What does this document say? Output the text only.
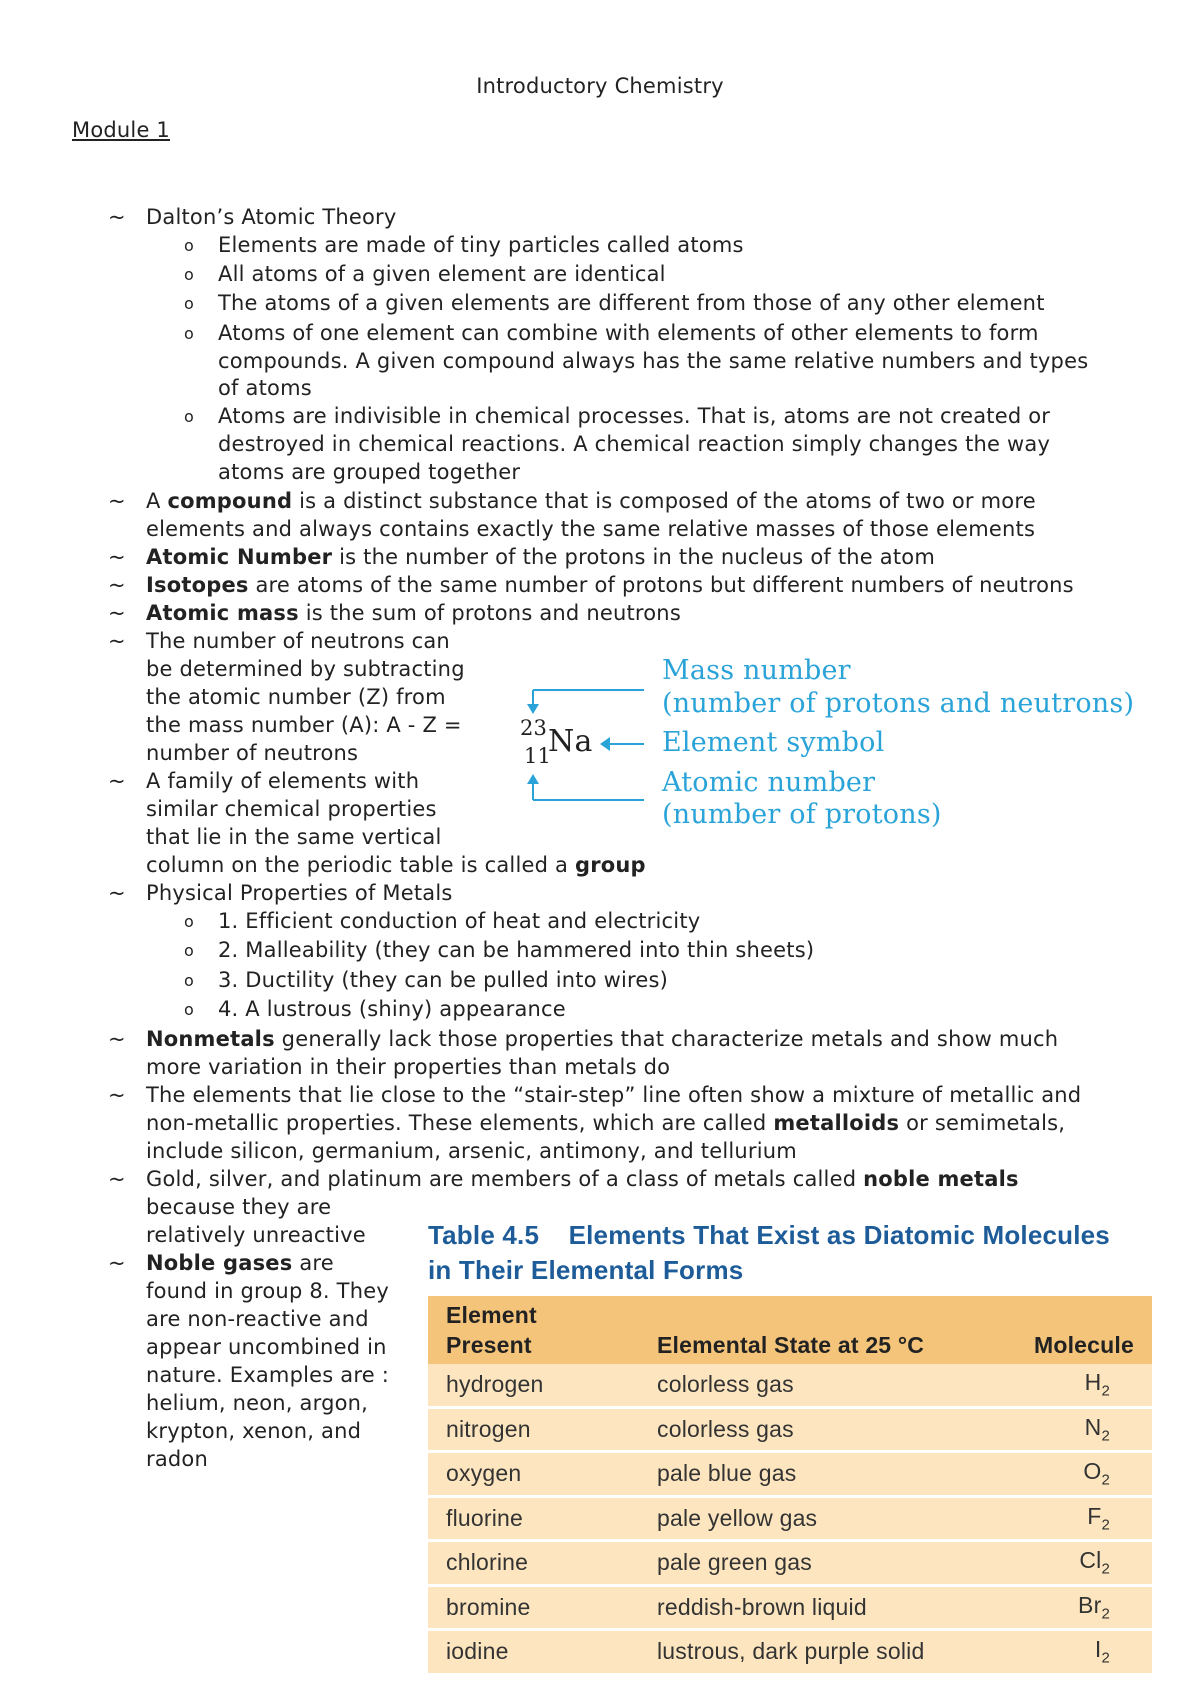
Introductory Chemistry
Module 1
~ Dalton’s Atomic Theory
o Elements are made of tiny particles called atoms
o All atoms of a given element are identical
o The atoms of a given elements are different from those of any other element
o Atoms of one element can combine with elements of other elements to form
compounds. A given compound always has the same relative numbers and types
of atoms
o Atoms are indivisible in chemical processes. That is, atoms are not created or
destroyed in chemical reactions. A chemical reaction simply changes the way
atoms are grouped together
~ A compound is a distinct substance that is composed of the atoms of two or more
elements and always contains exactly the same relative masses of those elements
~ Atomic Number is the number of the protons in the nucleus of the atom
~ Isotopes are atoms of the same number of protons but different numbers of neutrons
~ Atomic mass is the sum of protons and neutrons
~ The number of neutrons can
be determined by subtracting
the atomic number (Z) from
the mass number (A): A - Z =
number of neutrons
~ A family of elements with
similar chemical properties
that lie in the same vertical
column on the periodic table is called a group
23
11
Na
Mass number
(number of protons and neutrons)
Element symbol
Atomic number
(number of protons)
~ Physical Properties of Metals
o 1. Efficient conduction of heat and electricity
o 2. Malleability (they can be hammered into thin sheets)
o 3. Ductility (they can be pulled into wires)
o 4. A lustrous (shiny) appearance
~ Nonmetals generally lack those properties that characterize metals and show much
more variation in their properties than metals do
~ The elements that lie close to the “stair-step” line often show a mixture of metallic and
non-metallic properties. These elements, which are called metalloids or semimetals,
include silicon, germanium, arsenic, antimony, and tellurium
~ Gold, silver, and platinum are members of a class of metals called noble metals
because they are
relatively unreactive
~ Noble gases are
found in group 8. They
are non-reactive and
appear uncombined in
nature. Examples are :
helium, neon, argon,
krypton, xenon, and
radon
Table 4.5 Elements That Exist as Diatomic Molecules
in Their Elemental Forms
Element
Present	Elemental State at 25 °C	Molecule
hydrogen	colorless gas	$H_2$
nitrogen	colorless gas	$N_2$
oxygen	pale blue gas	$O_2$
fluorine	pale yellow gas	$F_2$
chlorine	pale green gas	$Cl_2$
bromine	reddish-brown liquid	$Br_2$
iodine	lustrous, dark purple solid	$I_2$
